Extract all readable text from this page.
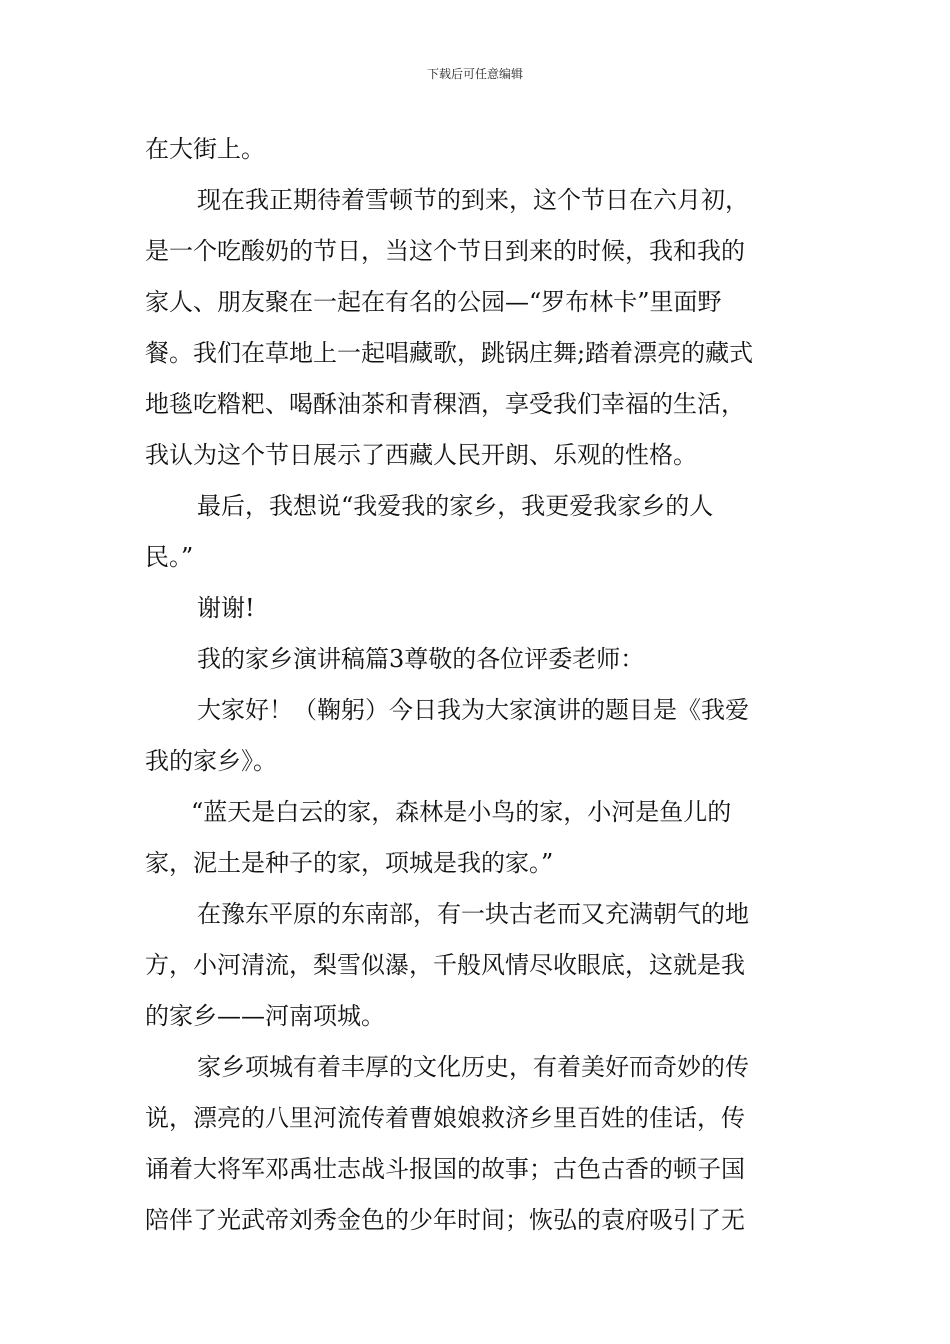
下载后可任意编辑
在大街上。
现在我正期待着雪顿节的到来，这个节日在六月初，
是一个吃酸奶的节日，当这个节日到来的时候，我和我的
家人、朋友聚在一起在有名的公园—“罗布林卡”里面野
餐。我们在草地上一起唱藏歌，跳锅庄舞;踏着漂亮的藏式
地毯吃糌粑、喝酥油茶和青稞酒，享受我们幸福的生活，
我认为这个节日展示了西藏人民开朗、乐观的性格。
最后，我想说“我爱我的家乡，我更爱我家乡的人
民。”
谢谢!
我的家乡演讲稿篇3尊敬的各位评委老师：
大家好！（鞠躬）今日我为大家演讲的题目是《我爱
我的家乡》。
“蓝天是白云的家，森林是小鸟的家，小河是鱼儿的
家，泥土是种子的家，项城是我的家。”
在豫东平原的东南部，有一块古老而又充满朝气的地
方，小河清流，梨雪似瀑，千般风情尽收眼底，这就是我
的家乡——河南项城。
家乡项城有着丰厚的文化历史，有着美好而奇妙的传
说，漂亮的八里河流传着曹娘娘救济乡里百姓的佳话，传
诵着大将军邓禹壮志战斗报国的故事；古色古香的顿子国
陪伴了光武帝刘秀金色的少年时间；恢弘的袁府吸引了无
